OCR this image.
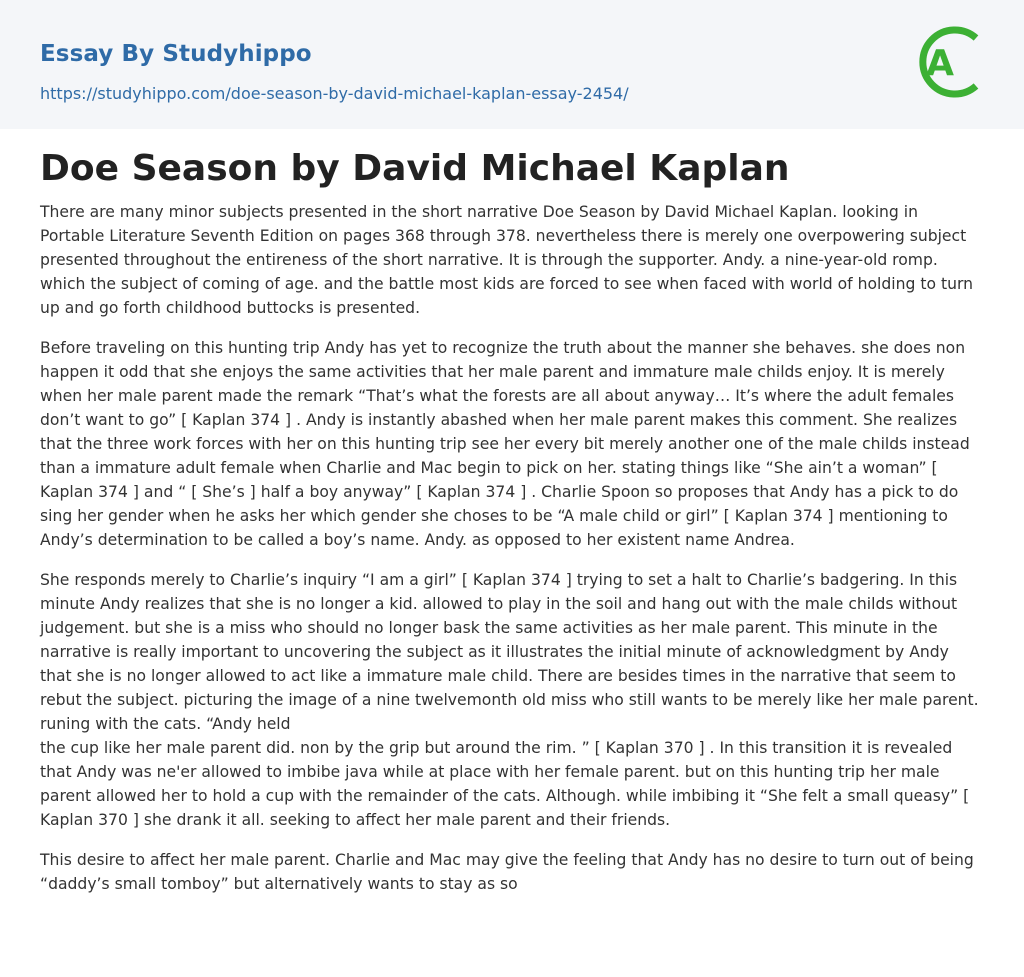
Essay By Studyhippo
https://studyhippo.com/doe-season-by-david-michael-kaplan-essay-2454/
A
Doe Season by David Michael Kaplan

There are many minor subjects presented in the short narrative Doe Season by David Michael Kaplan. looking in Portable Literature Seventh Edition on pages 368 through 378. nevertheless there is merely one overpowering subject presented throughout the entireness of the short narrative. It is through the supporter. Andy. a nine-year-old romp. which the subject of coming of age. and the battle most kids are forced to see when faced with world of holding to turn up and go forth childhood buttocks is presented.

Before traveling on this hunting trip Andy has yet to recognize the truth about the manner she behaves. she does non happen it odd that she enjoys the same activities that her male parent and immature male childs enjoy. It is merely when her male parent made the remark “That’s what the forests are all about anyway… It’s where the adult females don’t want to go” [ Kaplan 374 ] . Andy is instantly abashed when her male parent makes this comment. She realizes that the three work forces with her on this hunting trip see her every bit merely another one of the male childs instead than a immature adult female when Charlie and Mac begin to pick on her. stating things like “She ain’t a woman” [ Kaplan 374 ] and “ [ She’s ] half a boy anyway” [ Kaplan 374 ] . Charlie Spoon so proposes that Andy has a pick to do sing her gender when he asks her which gender she choses to be “A male child or girl” [ Kaplan 374 ] mentioning to Andy’s determination to be called a boy’s name. Andy. as opposed to her existent name Andrea.

She responds merely to Charlie’s inquiry “I am a girl” [ Kaplan 374 ] trying to set a halt to Charlie’s badgering. In this minute Andy realizes that she is no longer a kid. allowed to play in the soil and hang out with the male childs without judgement. but she is a miss who should no longer bask the same activities as her male parent. This minute in the narrative is really important to uncovering the subject as it illustrates the initial minute of acknowledgment by Andy that she is no longer allowed to act like a immature male child. There are besides times in the narrative that seem to rebut the subject. picturing the image of a nine twelvemonth old miss who still wants to be merely like her male parent. runing with the cats. “Andy held

the cup like her male parent did. non by the grip but around the rim. ” [ Kaplan 370 ] . In this transition it is revealed that Andy was ne'er allowed to imbibe java while at place with her female parent. but on this hunting trip her male parent allowed her to hold a cup with the remainder of the cats. Although. while imbibing it “She felt a small queasy” [ Kaplan 370 ] she drank it all. seeking to affect her male parent and their friends.

This desire to affect her male parent. Charlie and Mac may give the feeling that Andy has no desire to turn out of being “daddy’s small tomboy” but alternatively wants to stay as so
